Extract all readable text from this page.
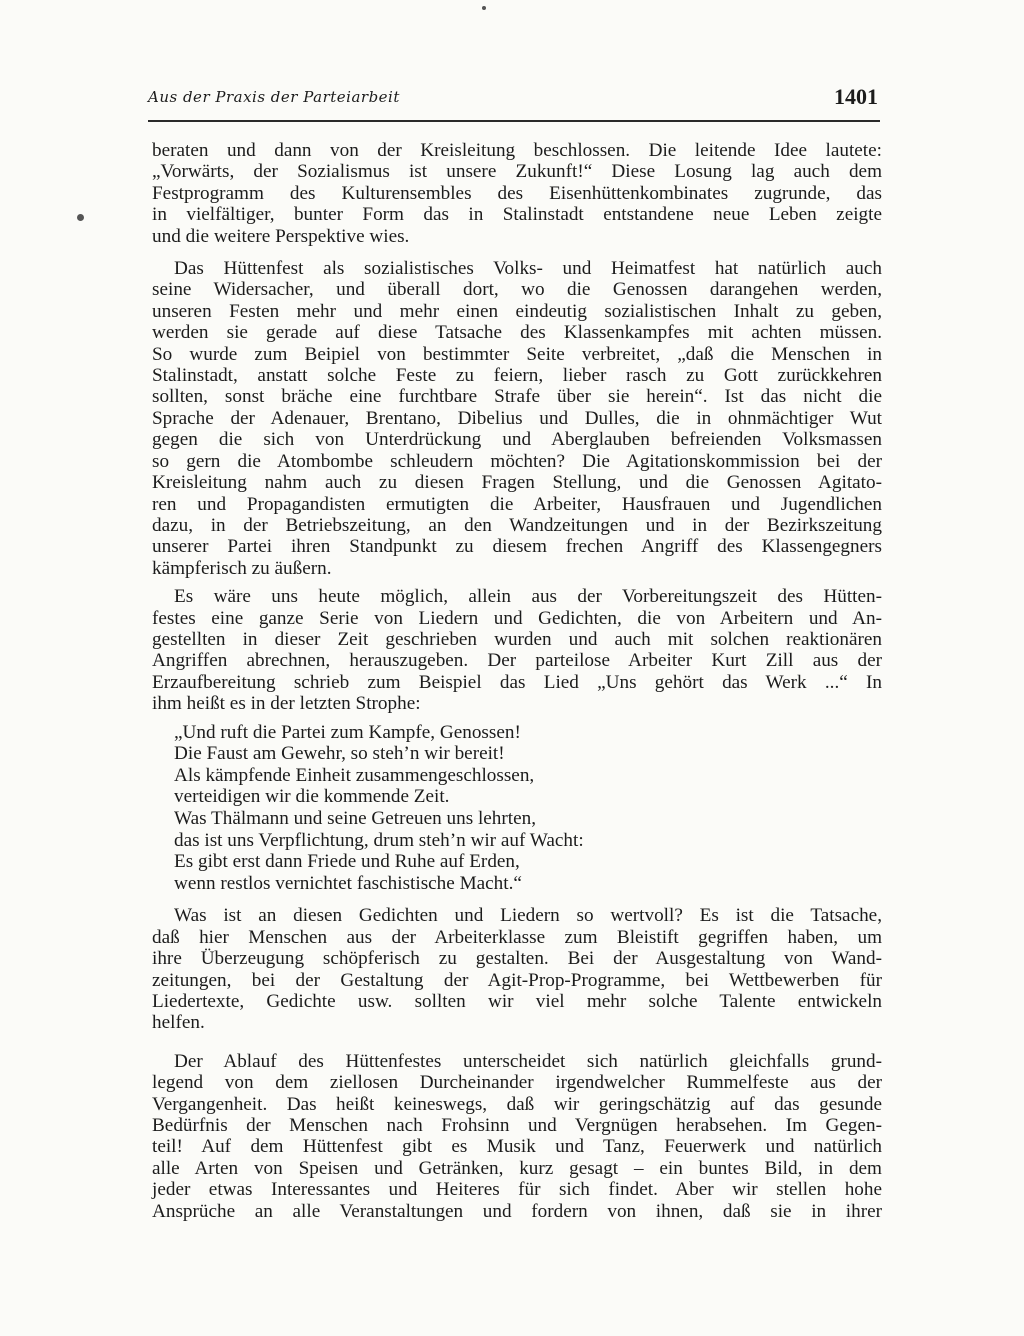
Aus der Praxis der Parteiarbeit	1401
beraten und dann von der Kreisleitung beschlossen. Die leitende Idee lautete:
„Vorwärts, der Sozialismus ist unsere Zukunft!“ Diese Losung lag auch dem
Festprogramm des Kulturensembles des Eisenhüttenkombinates zugrunde, das
in vielfältiger, bunter Form das in Stalinstadt entstandene neue Leben zeigte
und die weitere Perspektive wies.
Das Hüttenfest als sozialistisches Volks- und Heimatfest hat natürlich auch
seine Widersacher, und überall dort, wo die Genossen darangehen werden,
unseren Festen mehr und mehr einen eindeutig sozialistischen Inhalt zu geben,
werden sie gerade auf diese Tatsache des Klassenkampfes mit achten müssen.
So wurde zum Beipiel von bestimmter Seite verbreitet, „daß die Menschen in
Stalinstadt, anstatt solche Feste zu feiern, lieber rasch zu Gott zurückkehren
sollten, sonst bräche eine furchtbare Strafe über sie herein“. Ist das nicht die
Sprache der Adenauer, Brentano, Dibelius und Dulles, die in ohnmächtiger Wut
gegen die sich von Unterdrückung und Aberglauben befreienden Volksmassen
so gern die Atombombe schleudern möchten? Die Agitationskommission bei der
Kreisleitung nahm auch zu diesen Fragen Stellung, und die Genossen Agitato-
ren und Propagandisten ermutigten die Arbeiter, Hausfrauen und Jugendlichen
dazu, in der Betriebszeitung, an den Wandzeitungen und in der Bezirkszeitung
unserer Partei ihren Standpunkt zu diesem frechen Angriff des Klassengegners
kämpferisch zu äußern.
Es wäre uns heute möglich, allein aus der Vorbereitungszeit des Hütten-
festes eine ganze Serie von Liedern und Gedichten, die von Arbeitern und An-
gestellten in dieser Zeit geschrieben wurden und auch mit solchen reaktionären
Angriffen abrechnen, herauszugeben. Der parteilose Arbeiter Kurt Zill aus der
Erzaufbereitung schrieb zum Beispiel das Lied „Uns gehört das Werk ...“ In
ihm heißt es in der letzten Strophe:
„Und ruft die Partei zum Kampfe, Genossen!
Die Faust am Gewehr, so steh’n wir bereit!
Als kämpfende Einheit zusammengeschlossen,
verteidigen wir die kommende Zeit.
Was Thälmann und seine Getreuen uns lehrten,
das ist uns Verpflichtung, drum steh’n wir auf Wacht:
Es gibt erst dann Friede und Ruhe auf Erden,
wenn restlos vernichtet faschistische Macht.“
Was ist an diesen Gedichten und Liedern so wertvoll? Es ist die Tatsache,
daß hier Menschen aus der Arbeiterklasse zum Bleistift gegriffen haben, um
ihre Überzeugung schöpferisch zu gestalten. Bei der Ausgestaltung von Wand-
zeitungen, bei der Gestaltung der Agit-Prop-Programme, bei Wettbewerben für
Liedertexte, Gedichte usw. sollten wir viel mehr solche Talente entwickeln
helfen.
Der Ablauf des Hüttenfestes unterscheidet sich natürlich gleichfalls grund-
legend von dem ziellosen Durcheinander irgendwelcher Rummelfeste aus der
Vergangenheit. Das heißt keineswegs, daß wir geringschätzig auf das gesunde
Bedürfnis der Menschen nach Frohsinn und Vergnügen herabsehen. Im Gegen-
teil! Auf dem Hüttenfest gibt es Musik und Tanz, Feuerwerk und natürlich
alle Arten von Speisen und Getränken, kurz gesagt – ein buntes Bild, in dem
jeder etwas Interessantes und Heiteres für sich findet. Aber wir stellen hohe
Ansprüche an alle Veranstaltungen und fordern von ihnen, daß sie in ihrer
